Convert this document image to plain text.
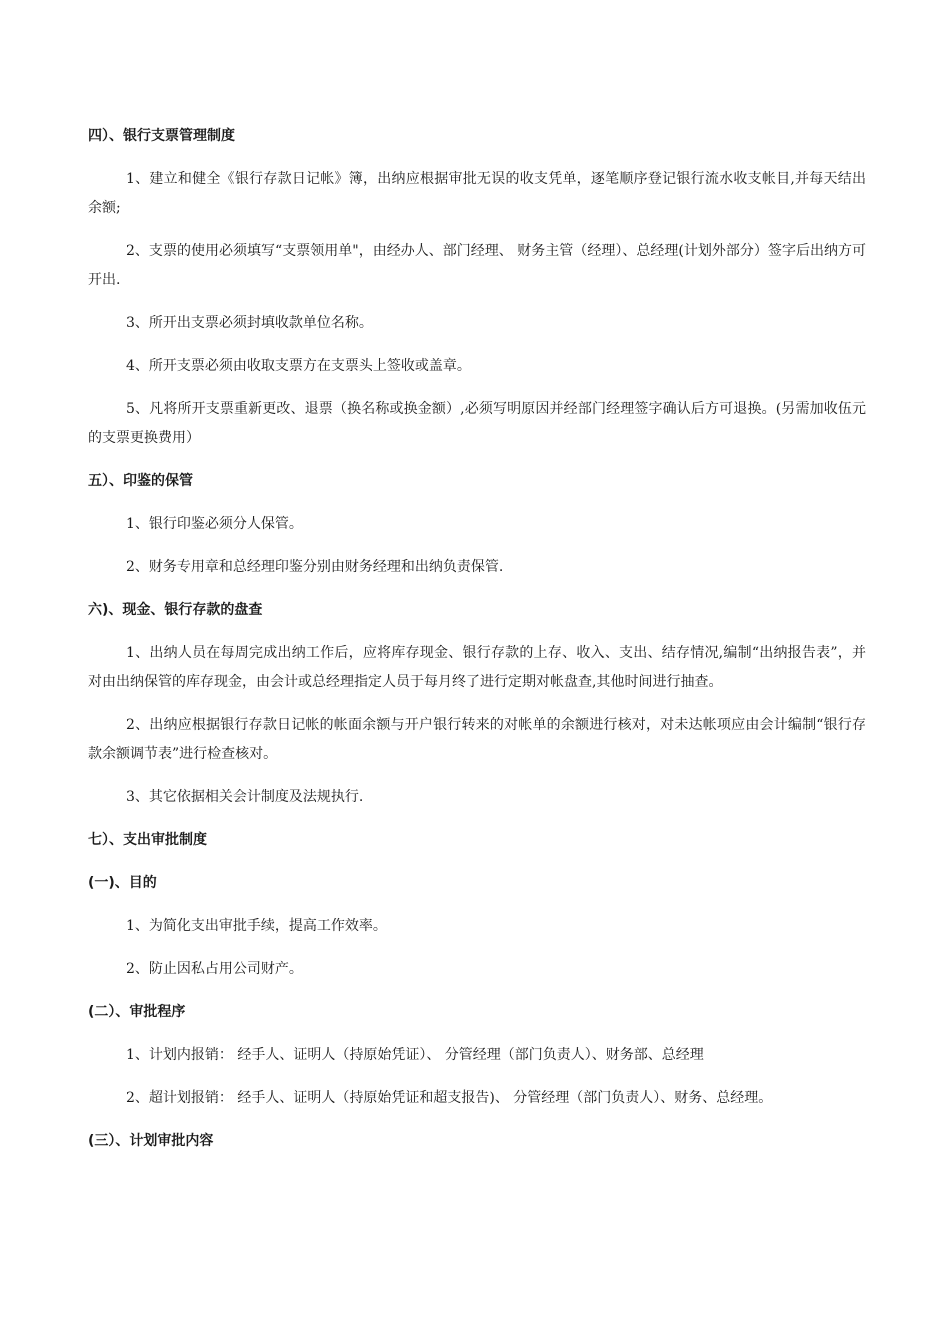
四）、银行支票管理制度

1、建立和健全《银行存款日记帐》簿，出纳应根据审批无误的收支凭单，逐笔顺序登记银行流水收支帐目,并每天结出余额;

2、支票的使用必须填写“支票领用单"，由经办人、部门经理、 财务主管（经理）、总经理(计划外部分）签字后出纳方可开出.

3、所开出支票必须封填收款单位名称。

4、所开支票必须由收取支票方在支票头上签收或盖章。

5、凡将所开支票重新更改、退票（换名称或换金额）,必须写明原因并经部门经理签字确认后方可退换。(另需加收伍元的支票更换费用）

五）、印鉴的保管

1、银行印鉴必须分人保管。

2、财务专用章和总经理印鉴分别由财务经理和出纳负责保管.

六)、现金、银行存款的盘查

1、出纳人员在每周完成出纳工作后，应将库存现金、银行存款的上存、收入、支出、结存情况,编制“出纳报告表”，并对由出纳保管的库存现金，由会计或总经理指定人员于每月终了进行定期对帐盘查,其他时间进行抽查。

2、出纳应根据银行存款日记帐的帐面余额与开户银行转来的对帐单的余额进行核对，对未达帐项应由会计编制“银行存款余额调节表”进行检查核对。

3、其它依据相关会计制度及法规执行.

七）、支出审批制度
(一)、目的

1、为简化支出审批手续，提高工作效率。

2、防止因私占用公司财产。

(二）、审批程序

1、计划内报销： 经手人、证明人（持原始凭证）、 分管经理（部门负责人）、财务部、总经理

2、超计划报销： 经手人、证明人（持原始凭证和超支报告)、 分管经理（部门负责人）、财务、总经理。

(三）、计划审批内容
